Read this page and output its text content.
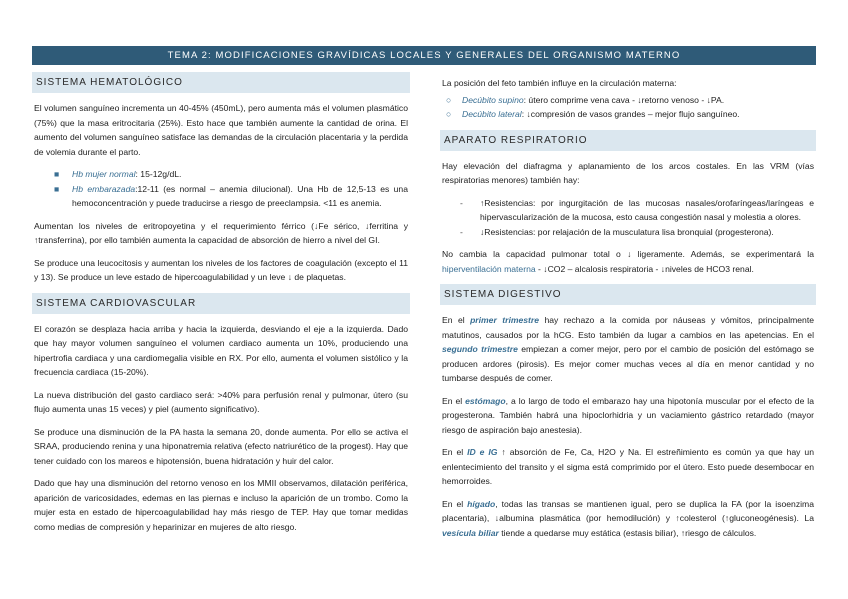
TEMA 2: MODIFICACIONES GRAVÍDICAS LOCALES Y GENERALES DEL ORGANISMO MATERNO
SISTEMA HEMATOLÓGICO

El volumen sanguíneo incrementa un 40-45% (450mL), pero aumenta más el volumen plasmático (75%) que la masa eritrocitaria (25%). Esto hace que también aumente la cantidad de orina. El aumento del volumen sanguíneo satisface las demandas de la circulación placentaria y la perdida de volemia durante el parto.

■ Hb mujer normal: 15-12g/dL.
■ Hb embarazada:12-11 (es normal – anemia dilucional). Una Hb de 12,5-13 es una hemoconcentración y puede traducirse a riesgo de preeclampsia. <11 es anemia.

Aumentan los niveles de eritropoyetina y el requerimiento férrico (↓Fe sérico, ↓ferritina y ↑transferrina), por ello también aumenta la capacidad de absorción de hierro a nivel del GI.

Se produce una leucocitosis y aumentan los niveles de los factores de coagulación (excepto el 11 y 13). Se produce un leve estado de hipercoagulabilidad y un leve ↓ de plaquetas.

SISTEMA CARDIOVASCULAR

El corazón se desplaza hacia arriba y hacia la izquierda, desviando el eje a la izquierda. Dado que hay mayor volumen sanguíneo el volumen cardiaco aumenta un 10%, produciendo una hipertrofia cardiaca y una cardiomegalia visible en RX. Por ello, aumenta el volumen sistólico y la frecuencia cardiaca (15-20%).

La nueva distribución del gasto cardiaco será: >40% para perfusión renal y pulmonar, útero (su flujo aumenta unas 15 veces) y piel (aumento significativo).

Se produce una disminución de la PA hasta la semana 20, donde aumenta. Por ello se activa el SRAA, produciendo renina y una hiponatremia relativa (efecto natriurético de la progest). Hay que tener cuidado con los mareos e hipotensión, buena hidratación y huir del calor.

Dado que hay una disminución del retorno venoso en los MMII observamos, dilatación periférica, aparición de varicosidades, edemas en las piernas e incluso la aparición de un trombo. Como la mujer esta en estado de hipercoagulabilidad hay más riesgo de TEP. Hay que tomar medidas como medias de compresión y heparinizar en mujeres de alto riesgo.

La posición del feto también influye en la circulación materna:

○ Decúbito supino: útero comprime vena cava - ↓retorno venoso - ↓PA.
○ Decúbito lateral: ↓compresión de vasos grandes – mejor flujo sanguíneo.
APARATO RESPIRATORIO

Hay elevación del diafragma y aplanamiento de los arcos costales. En las VRM (vías respiratorias menores) también hay:

- ↑Resistencias: por ingurgitación de las mucosas nasales/orofaríngeas/laríngeas e hipervascularización de la mucosa, esto causa congestión nasal y molestia a olores.
- ↓Resistencias: por relajación de la musculatura lisa bronquial (progesterona).

No cambia la capacidad pulmonar total o ↓ ligeramente. Además, se experimentará la hiperventilación materna - ↓CO2 – alcalosis respiratoria - ↓niveles de HCO3 renal.

SISTEMA DIGESTIVO

En el primer trimestre hay rechazo a la comida por náuseas y vómitos, principalmente matutinos, causados por la hCG. Esto también da lugar a cambios en las apetencias. En el segundo trimestre empiezan a comer mejor, pero por el cambio de posición del estómago se producen ardores (pirosis). Es mejor comer muchas veces al día en menor cantidad y no tumbarse después de comer.

En el estómago, a lo largo de todo el embarazo hay una hipotonía muscular por el efecto de la progesterona. También habrá una hipoclorhidria y un vaciamiento gástrico retardado (mayor riesgo de aspiración bajo anestesia).

En el ID e IG ↑ absorción de Fe, Ca, H2O y Na. El estreñimiento es común ya que hay un enlentecimiento del transito y el sigma está comprimido por el útero. Esto puede desembocar en hemorroides.

En el hígado, todas las transas se mantienen igual, pero se duplica la FA (por la isoenzima placentaria), ↓albumina plasmática (por hemodilución) y ↑colesterol (↑gluconeogénesis). La vesícula biliar tiende a quedarse muy estática (estasis biliar), ↑riesgo de cálculos.
